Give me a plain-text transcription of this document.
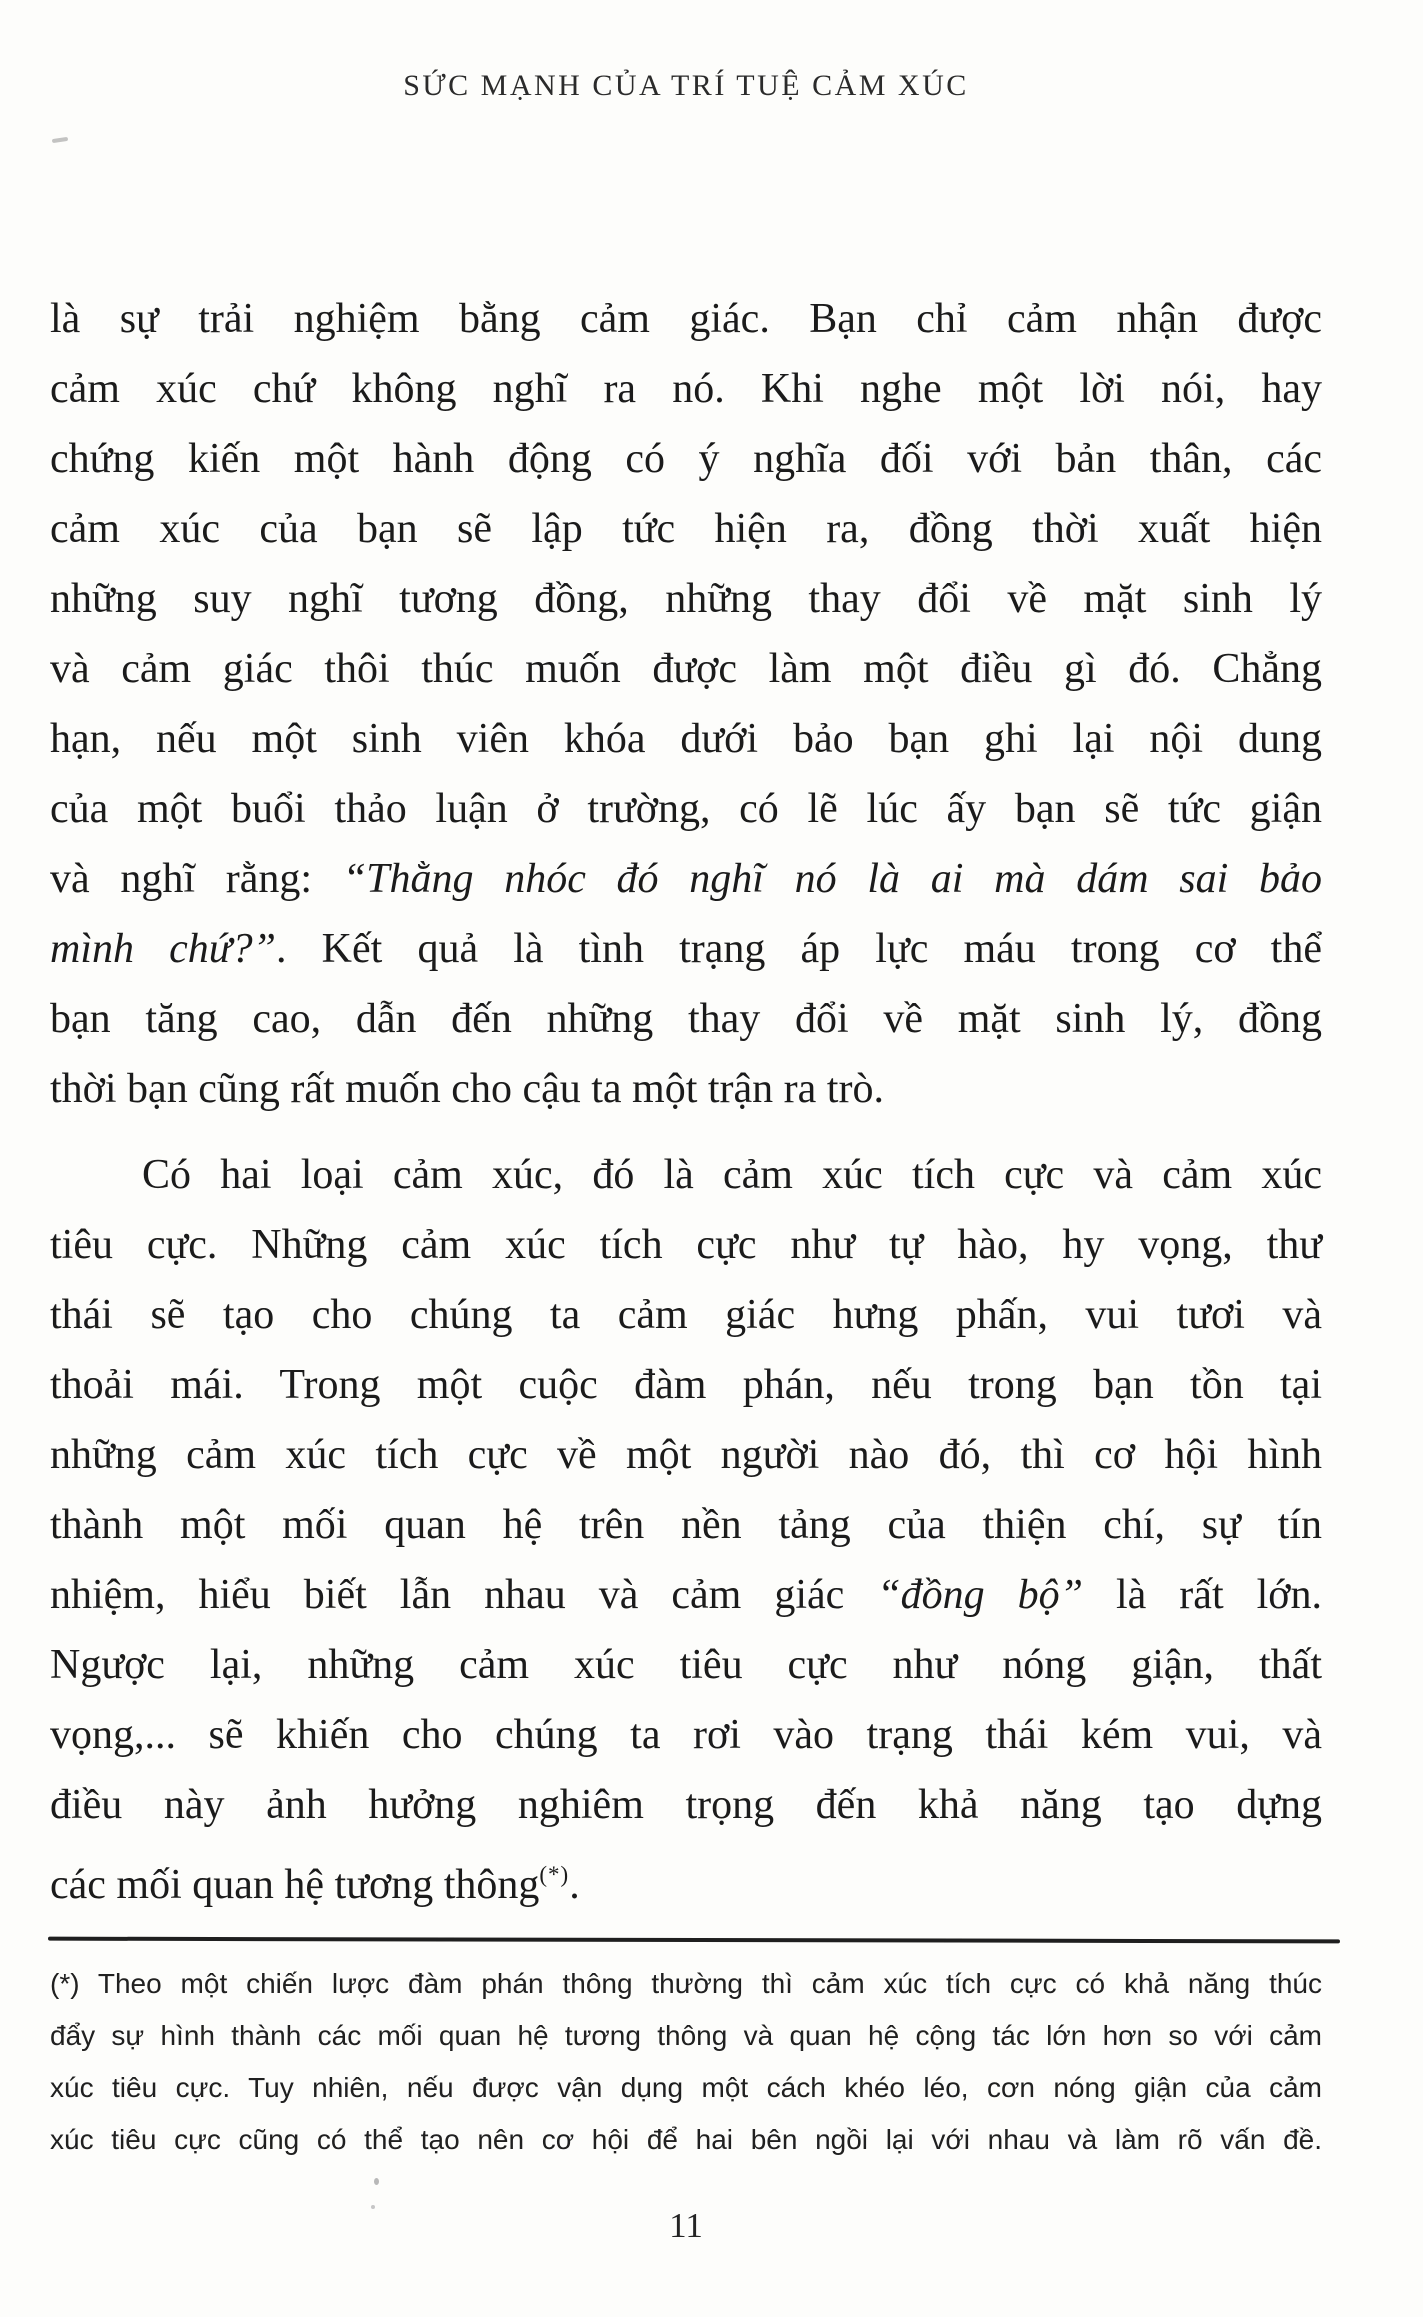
SỨC MẠNH CỦA TRÍ TUỆ CẢM XÚC
là sự trải nghiệm bằng cảm giác. Bạn chỉ cảm nhận được
cảm xúc chứ không nghĩ ra nó. Khi nghe một lời nói, hay
chứng kiến một hành động có ý nghĩa đối với bản thân, các
cảm xúc của bạn sẽ lập tức hiện ra, đồng thời xuất hiện
những suy nghĩ tương đồng, những thay đổi về mặt sinh lý
và cảm giác thôi thúc muốn được làm một điều gì đó. Chẳng
hạn, nếu một sinh viên khóa dưới bảo bạn ghi lại nội dung
của một buổi thảo luận ở trường, có lẽ lúc ấy bạn sẽ tức giận
và nghĩ rằng: “Thằng nhóc đó nghĩ nó là ai mà dám sai bảo
mình chứ?”. Kết quả là tình trạng áp lực máu trong cơ thể
bạn tăng cao, dẫn đến những thay đổi về mặt sinh lý, đồng
thời bạn cũng rất muốn cho cậu ta một trận ra trò.
Có hai loại cảm xúc, đó là cảm xúc tích cực và cảm xúc
tiêu cực. Những cảm xúc tích cực như tự hào, hy vọng, thư
thái sẽ tạo cho chúng ta cảm giác hưng phấn, vui tươi và
thoải mái. Trong một cuộc đàm phán, nếu trong bạn tồn tại
những cảm xúc tích cực về một người nào đó, thì cơ hội hình
thành một mối quan hệ trên nền tảng của thiện chí, sự tín
nhiệm, hiểu biết lẫn nhau và cảm giác “đồng bộ” là rất lớn.
Ngược lại, những cảm xúc tiêu cực như nóng giận, thất
vọng,... sẽ khiến cho chúng ta rơi vào trạng thái kém vui, và
điều này ảnh hưởng nghiêm trọng đến khả năng tạo dựng
các mối quan hệ tương thông(*).
(*) Theo một chiến lược đàm phán thông thường thì cảm xúc tích cực có khả năng thúc
đẩy sự hình thành các mối quan hệ tương thông và quan hệ cộng tác lớn hơn so với cảm
xúc tiêu cực. Tuy nhiên, nếu được vận dụng một cách khéo léo, cơn nóng giận của cảm
xúc tiêu cực cũng có thể tạo nên cơ hội để hai bên ngồi lại với nhau và làm rõ vấn đề.
11
